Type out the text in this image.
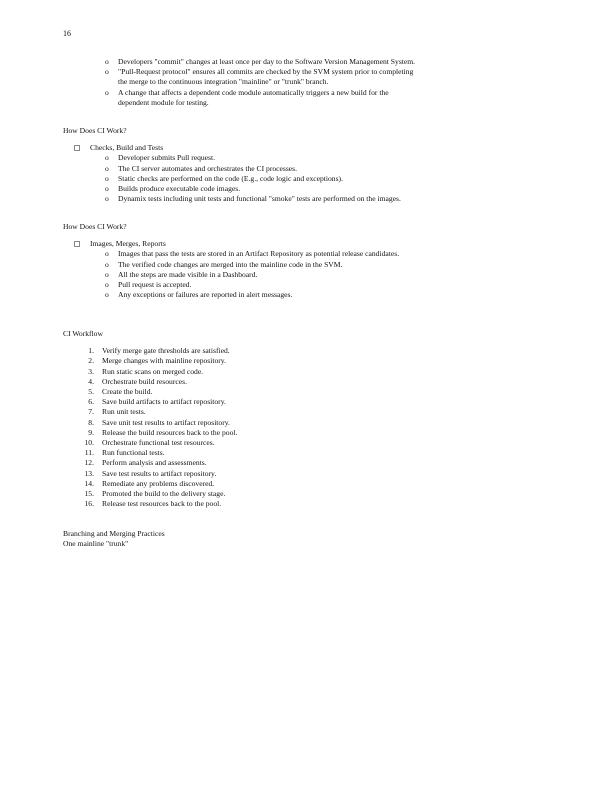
16
o Developers "commit" changes at least once per day to the Software Version Management System.
o "Pull-Request protocol" ensures all commits are checked by the SVM system prior to completing the merge to the continuous integration "mainline" or "trunk" branch.
o A change that affects a dependent code module automatically triggers a new build for the dependent module for testing.

How Does CI Work?

Checks, Build and Tests
o Developer submits Pull request.
o The CI server automates and orchestrates the CI processes.
o Static checks are performed on the code (E.g., code logic and exceptions).
o Builds produce executable code images.
o Dynamix tests including unit tests and functional "smoke" tests are performed on the images.

How Does CI Work?

Images, Merges, Reports
o Images that pass the tests are stored in an Artifact Repository as potential release candidates.
o The verified code changes are merged into the mainline code in the SVM.
o All the steps are made visible in a Dashboard.
o Pull request is accepted.
o Any exceptions or failures are reported in alert messages.

CI Workflow

1. Verify merge gate thresholds are satisfied.
2. Merge changes with mainline repository.
3. Run static scans on merged code.
4. Orchestrate build resources.
5. Create the build.
6. Save build artifacts to artifact repository.
7. Run unit tests.
8. Save unit test results to artifact repository.
9. Release the build resources back to the pool.
10. Orchestrate functional test resources.
11. Run functional tests.
12. Perform analysis and assessments.
13. Save test results to artifact repository.
14. Remediate any problems discovered.
15. Promoted the build to the delivery stage.
16. Release test resources back to the pool.

Branching and Merging Practices

One mainline "trunk"
